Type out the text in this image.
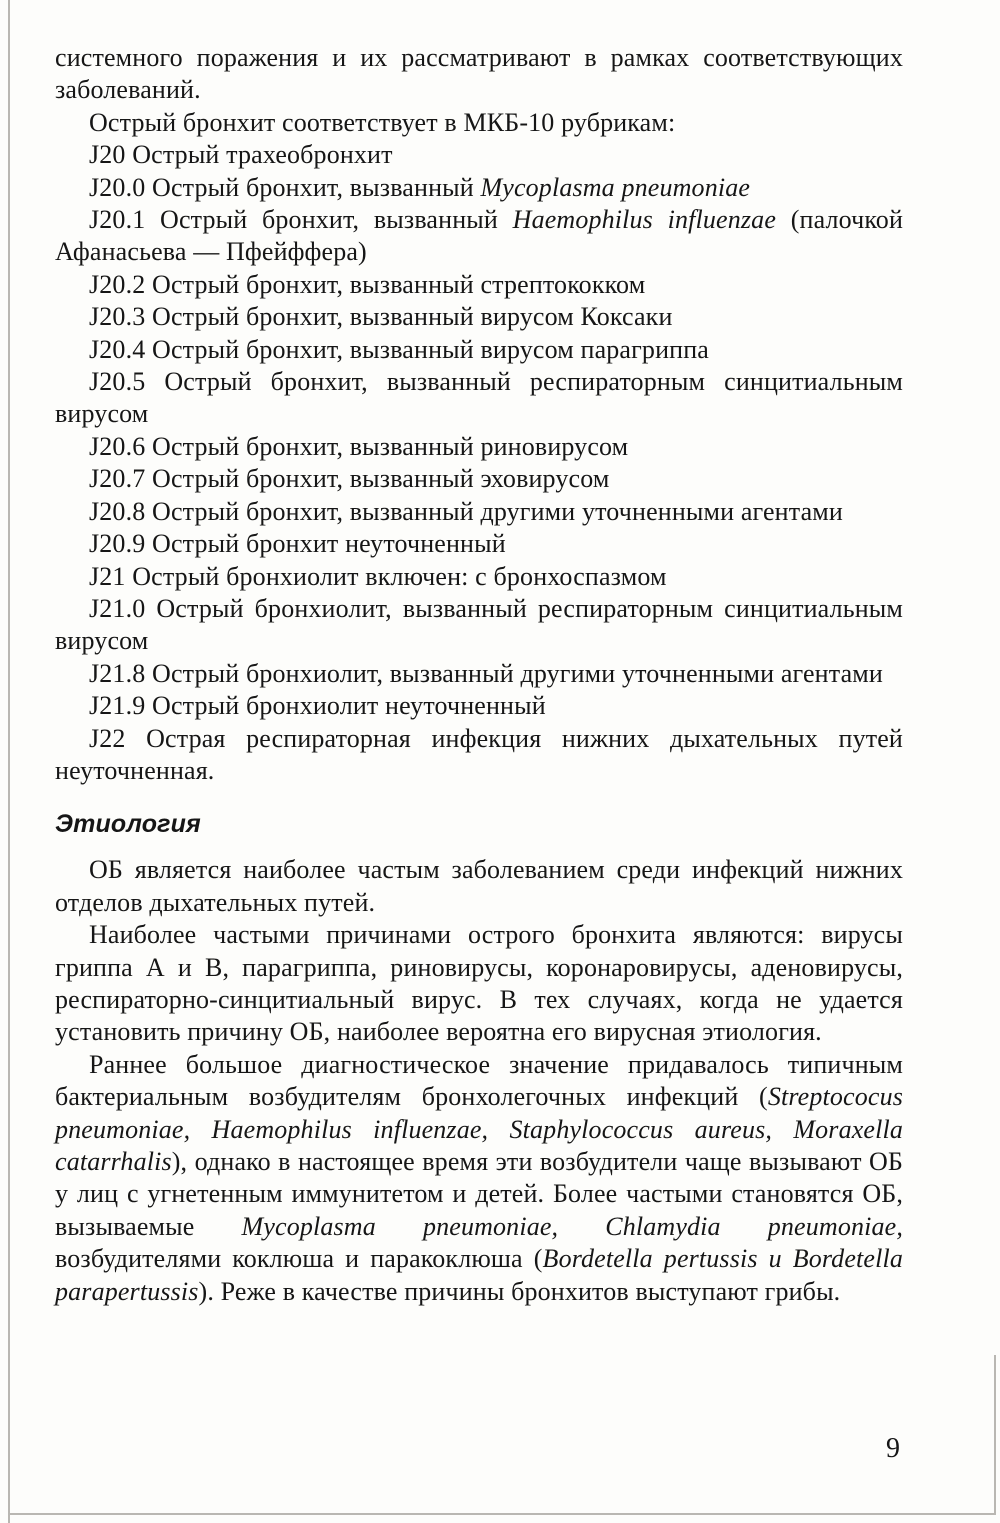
системного поражения и их рассматривают в рамках соответствующих заболеваний.

Острый бронхит соответствует в МКБ-10 рубрикам:

J20 Острый трахеобронхит

J20.0 Острый бронхит, вызванный Mycoplasma pneumoniae

J20.1 Острый бронхит, вызванный Haemophilus influenzae (палочкой Афанасьева — Пфейффера)

J20.2 Острый бронхит, вызванный стрептококком

J20.3 Острый бронхит, вызванный вирусом Коксаки

J20.4 Острый бронхит, вызванный вирусом парагриппа

J20.5 Острый бронхит, вызванный респираторным синцитиальным вирусом

J20.6 Острый бронхит, вызванный риновирусом

J20.7 Острый бронхит, вызванный эховирусом

J20.8 Острый бронхит, вызванный другими уточненными агентами

J20.9 Острый бронхит неуточненный

J21 Острый бронхиолит включен: с бронхоспазмом

J21.0 Острый бронхиолит, вызванный респираторным синцитиальным вирусом

J21.8 Острый бронхиолит, вызванный другими уточненными агентами

J21.9 Острый бронхиолит неуточненный

J22 Острая респираторная инфекция нижних дыхательных путей неуточненная.

Этиология

ОБ является наиболее частым заболеванием среди инфекций нижних отделов дыхательных путей.

Наиболее частыми причинами острого бронхита являются: вирусы гриппа А и В, парагриппа, риновирусы, коронаровирусы, аденовирусы, респираторно-синцитиальный вирус. В тех случаях, когда не удается установить причину ОБ, наиболее вероятна его вирусная этиология.

Раннее большое диагностическое значение придавалось типичным бактериальным возбудителям бронхолегочных инфекций (Streptococus pneumoniae, Haemophilus influenzae, Staphylococcus aureus, Moraxella catarrhalis), однако в настоящее время эти возбудители чаще вызывают ОБ у лиц с угнетенным иммунитетом и детей. Более частыми становятся ОБ, вызываемые Mycoplasma pneumoniae, Chlamydia pneumoniae, возбудителями коклюша и паракоклюша (Bordetella pertussis и Bordetella parapertussis). Реже в качестве причины бронхитов выступают грибы.

9
